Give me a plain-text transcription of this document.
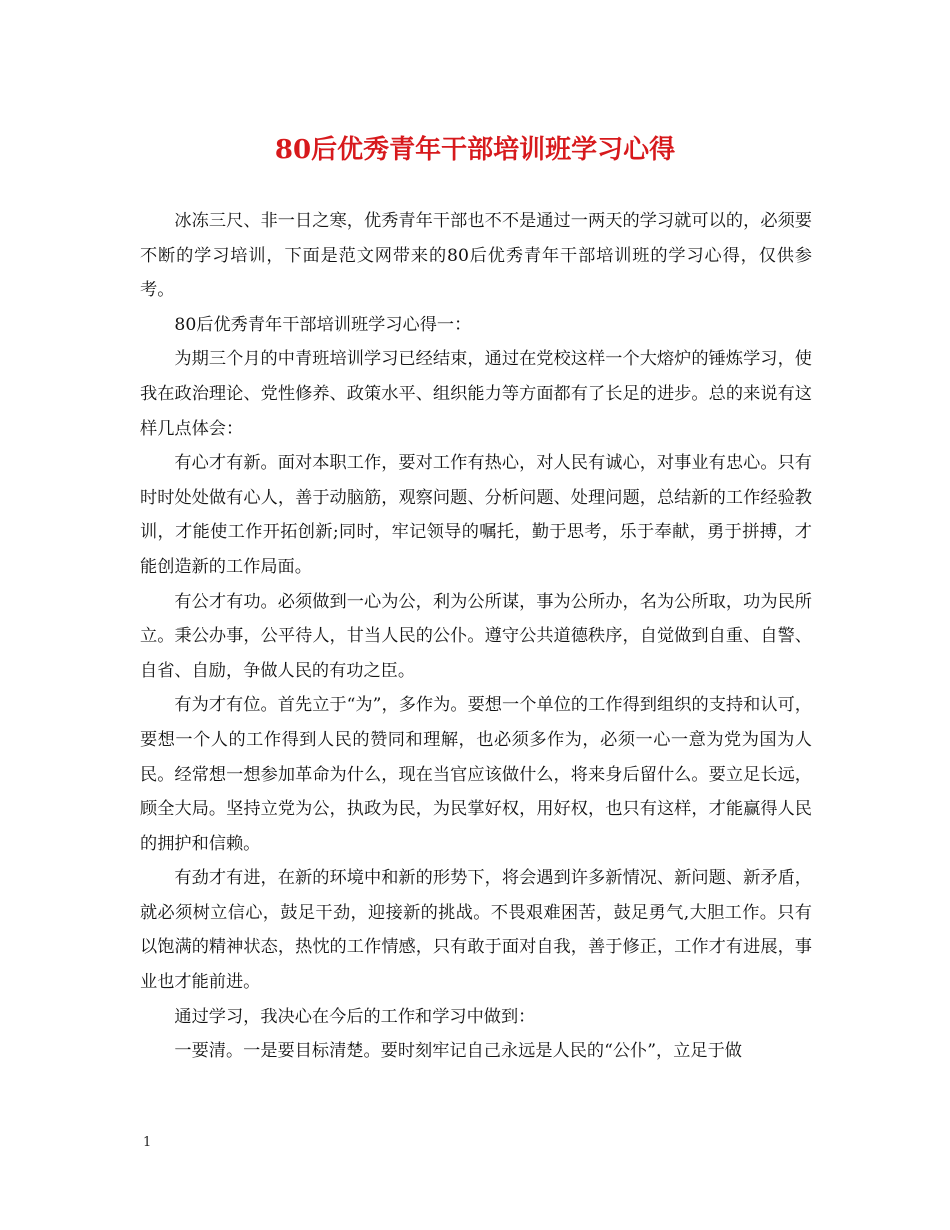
80后优秀青年干部培训班学习心得

冰冻三尺、非一日之寒，优秀青年干部也不不是通过一两天的学习就可以的，必须要不断的学习培训，下面是范文网带来的80后优秀青年干部培训班的学习心得，仅供参考。

80后优秀青年干部培训班学习心得一：

为期三个月的中青班培训学习已经结束，通过在党校这样一个大熔炉的锤炼学习，使我在政治理论、党性修养、政策水平、组织能力等方面都有了长足的进步。总的来说有这样几点体会：

有心才有新。面对本职工作，要对工作有热心，对人民有诚心，对事业有忠心。只有时时处处做有心人，善于动脑筋，观察问题、分析问题、处理问题，总结新的工作经验教训，才能使工作开拓创新;同时，牢记领导的嘱托，勤于思考，乐于奉献，勇于拼搏，才能创造新的工作局面。

有公才有功。必须做到一心为公，利为公所谋，事为公所办，名为公所取，功为民所立。秉公办事，公平待人，甘当人民的公仆。遵守公共道德秩序，自觉做到自重、自警、自省、自励，争做人民的有功之臣。

有为才有位。首先立于“为”，多作为。要想一个单位的工作得到组织的支持和认可，要想一个人的工作得到人民的赞同和理解，也必须多作为，必须一心一意为党为国为人民。经常想一想参加革命为什么，现在当官应该做什么，将来身后留什么。要立足长远，顾全大局。坚持立党为公，执政为民，为民掌好权，用好权，也只有这样，才能赢得人民的拥护和信赖。

有劲才有进，在新的环境中和新的形势下，将会遇到许多新情况、新问题、新矛盾，就必须树立信心，鼓足干劲，迎接新的挑战。不畏艰难困苦，鼓足勇气,大胆工作。只有以饱满的精神状态，热忱的工作情感，只有敢于面对自我，善于修正，工作才有进展，事业也才能前进。

通过学习，我决心在今后的工作和学习中做到：

一要清。一是要目标清楚。要时刻牢记自己永远是人民的“公仆”，立足于做

1
